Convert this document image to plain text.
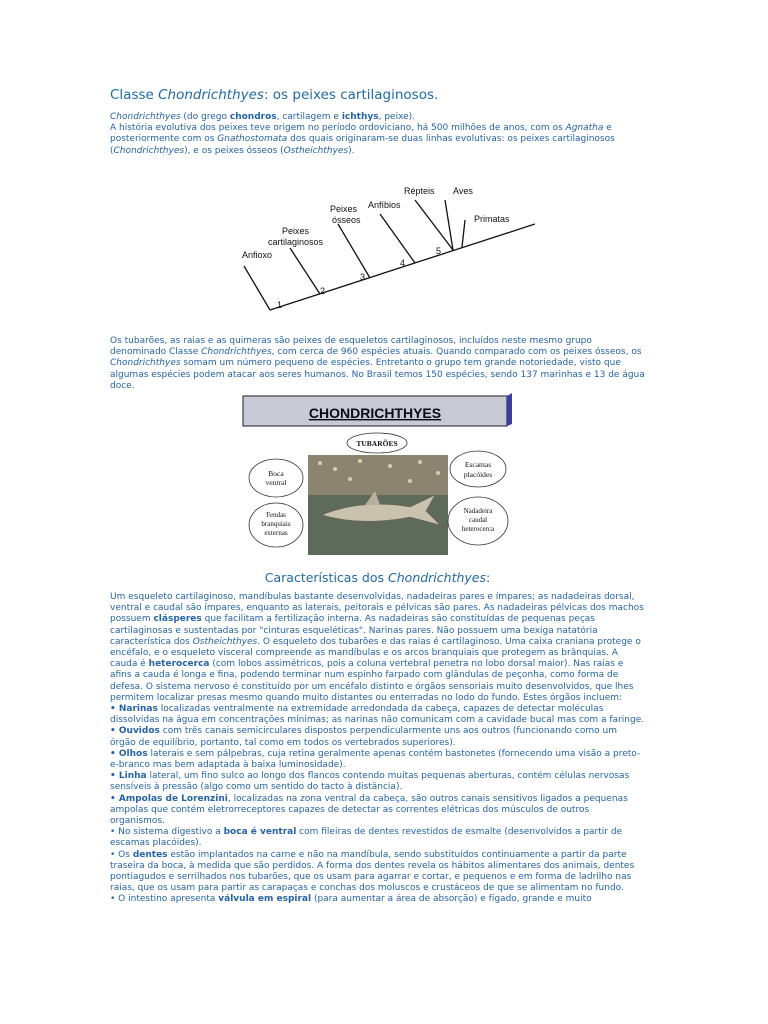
Classe Chondrichthyes: os peixes cartilaginosos.

Chondrichthyes (do grego chondros, cartilagem e ichthys, peixe).
A história evolutiva dos peixes teve origem no período ordoviciano, há 500 milhões de anos, com os Agnatha e posteriormente com os Gnathostomata dos quais originaram-se duas linhas evolutivas: os peixes cartilaginosos (Chondrichthyes), e os peixes ósseos (Ostheichthyes).

Anfioxo
Peixes
cartilaginosos
Peixes
ósseos
Anfíbios
Répteis Aves
Primatas
1
2
3
4
5

Os tubarões, as raias e as quimeras são peixes de esqueletos cartilaginosos, incluídos neste mesmo grupo denominado Classe Chondrichthyes, com cerca de 960 espécies atuais. Quando comparado com os peixes ósseos, os Chondrichthyes somam um número pequeno de espécies. Entretanto o grupo tem grande notoriedade, visto que algumas espécies podem atacar aos seres humanos. No Brasil temos 150 espécies, sendo 137 marinhas e 13 de água doce.

CHONDRICHTHYES
TUBARÕES
Boca
ventral
Fendas
branquiais
externas
Escamas
placóides
Nadadeira
caudal
heterocerca
Características dos Chondrichthyes:

Um esqueleto cartilaginoso, mandíbulas bastante desenvolvidas, nadadeiras pares e ímpares; as nadadeiras dorsal, ventral e caudal são ímpares, enquanto as laterais, peitorais e pélvicas são pares. As nadadeiras pélvicas dos machos possuem clásperes que facilitam a fertilização interna. As nadadeiras são constituídas de pequenas peças cartilaginosas e sustentadas por "cinturas esqueléticas". Narinas pares. Não possuem uma bexiga natatória característica dos Ostheichthyes. O esqueleto dos tubarões e das raias é cartilaginoso. Uma caixa craniana protege o encéfalo, e o esqueleto visceral compreende as mandíbulas e os arcos branquiais que protegem as brânquias. A cauda é heterocerca (com lobos assimétricos, pois a coluna vertebral penetra no lobo dorsal maior). Nas raias e afins a cauda é longa e fina, podendo terminar num espinho farpado com glândulas de peçonha, como forma de defesa. O sistema nervoso é constituído por um encéfalo distinto e órgãos sensoriais muito desenvolvidos, que lhes permitem localizar presas mesmo quando muito distantes ou enterradas no lodo do fundo. Estes órgãos incluem:
• Narinas localizadas ventralmente na extremidade arredondada da cabeça, capazes de detectar moléculas dissolvidas na água em concentrações mínimas; as narinas não comunicam com a cavidade bucal mas com a faringe.
• Ouvidos com três canais semicirculares dispostos perpendicularmente uns aos outros (funcionando como um órgão de equilíbrio, portanto, tal como em todos os vertebrados superiores).
• Olhos laterais e sem pálpebras, cuja retina geralmente apenas contém bastonetes (fornecendo uma visão a preto-e-branco mas bem adaptada à baixa luminosidade).
• Linha lateral, um fino sulco ao longo dos flancos contendo muitas pequenas aberturas, contém células nervosas sensíveis à pressão (algo como um sentido do tacto à distância).
• Ampolas de Lorenzini, localizadas na zona ventral da cabeça, são outros canais sensitivos ligados a pequenas ampolas que contém eletrorreceptores capazes de detectar as correntes elétricas dos músculos de outros organismos.
• No sistema digestivo a boca é ventral com fileiras de dentes revestidos de esmalte (desenvolvidos a partir de escamas placóides).
• Os dentes estão implantados na carne e não na mandíbula, sendo substituídos continuamente a partir da parte traseira da boca, à medida que são perdidos. A forma dos dentes revela os hábitos alimentares dos animais, dentes pontiagudos e serrilhados nos tubarões, que os usam para agarrar e cortar, e pequenos e em forma de ladrilho nas raias, que os usam para partir as carapaças e conchas dos moluscos e crustáceos de que se alimentam no fundo.
• O intestino apresenta válvula em espiral (para aumentar a área de absorção) e fígado, grande e muito
